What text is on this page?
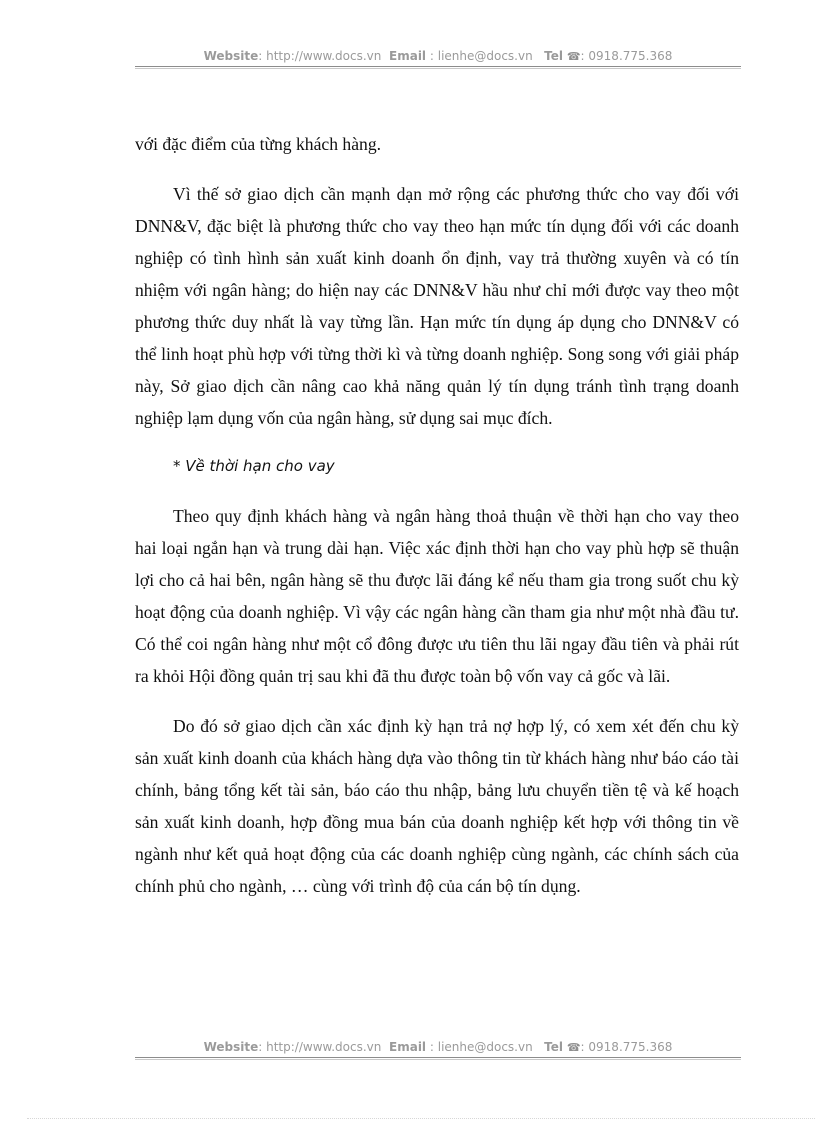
Website: http://www.docs.vn Email : lienhe@docs.vn Tel ☎: 0918.775.368

với đặc điểm của từng khách hàng.

Vì thế sở giao dịch cần mạnh dạn mở rộng các phương thức cho vay đối với DNN&V, đặc biệt là phương thức cho vay theo hạn mức tín dụng đối với các doanh nghiệp có tình hình sản xuất kinh doanh ổn định, vay trả thường xuyên và có tín nhiệm với ngân hàng; do hiện nay các DNN&V hầu như chỉ mới được vay theo một phương thức duy nhất là vay từng lần. Hạn mức tín dụng áp dụng cho DNN&V có thể linh hoạt phù hợp với từng thời kì và từng doanh nghiệp. Song song với giải pháp này, Sở giao dịch cần nâng cao khả năng quản lý tín dụng tránh tình trạng doanh nghiệp lạm dụng vốn của ngân hàng, sử dụng sai mục đích.

* Về thời hạn cho vay

Theo quy định khách hàng và ngân hàng thoả thuận về thời hạn cho vay theo hai loại ngắn hạn và trung dài hạn. Việc xác định thời hạn cho vay phù hợp sẽ thuận lợi cho cả hai bên, ngân hàng sẽ thu được lãi đáng kể nếu tham gia trong suốt chu kỳ hoạt động của doanh nghiệp. Vì vậy các ngân hàng cần tham gia như một nhà đầu tư. Có thể coi ngân hàng như một cổ đông được ưu tiên thu lãi ngay đầu tiên và phải rút ra khỏi Hội đồng quản trị sau khi đã thu được toàn bộ vốn vay cả gốc và lãi.

Do đó sở giao dịch cần xác định kỳ hạn trả nợ hợp lý, có xem xét đến chu kỳ sản xuất kinh doanh của khách hàng dựa vào thông tin từ khách hàng như báo cáo tài chính, bảng tổng kết tài sản, báo cáo thu nhập, bảng lưu chuyển tiền tệ và kế hoạch sản xuất kinh doanh, hợp đồng mua bán của doanh nghiệp kết hợp với thông tin về ngành như kết quả hoạt động của các doanh nghiệp cùng ngành, các chính sách của chính phủ cho ngành, … cùng với trình độ của cán bộ tín dụng.

Website: http://www.docs.vn Email : lienhe@docs.vn Tel ☎: 0918.775.368
